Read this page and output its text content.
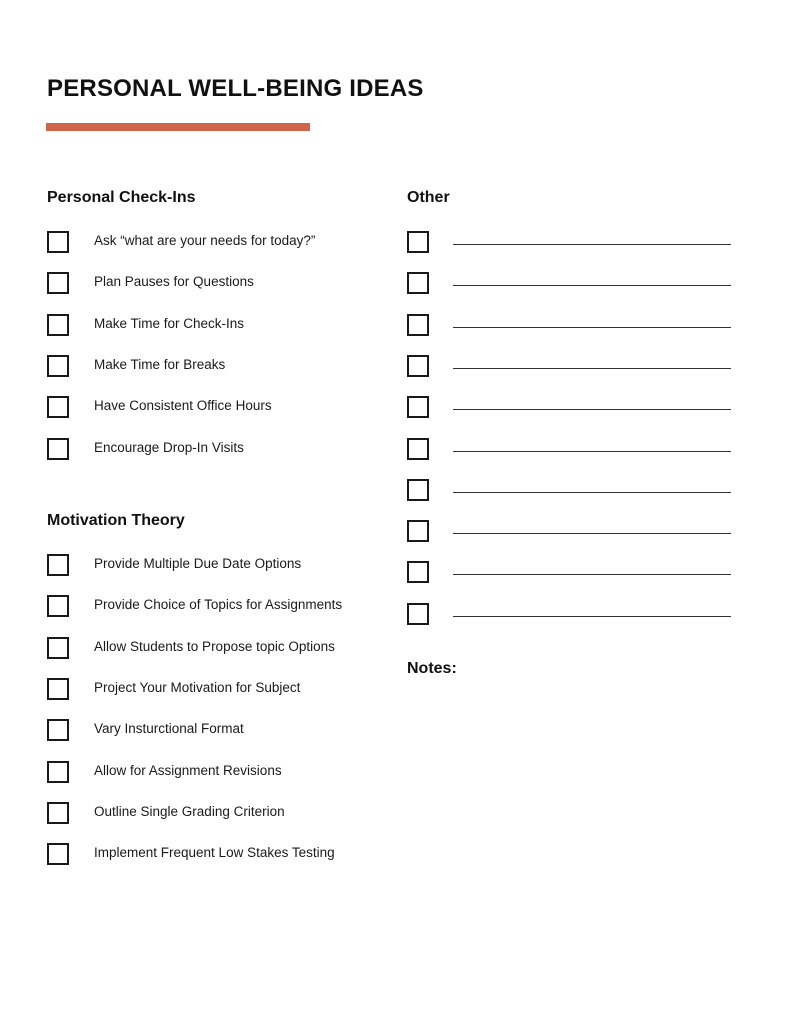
PERSONAL WELL-BEING IDEAS
Personal Check-Ins
Ask “what are your needs for today?”
Plan Pauses for Questions
Make Time for Check-Ins
Make Time for Breaks
Have Consistent Office Hours
Encourage Drop-In Visits
Motivation Theory
Provide Multiple Due Date Options
Provide Choice of Topics for Assignments
Allow Students to Propose topic Options
Project Your Motivation for Subject
Vary Insturctional Format
Allow for Assignment Revisions
Outline Single Grading Criterion
Implement Frequent Low Stakes Testing
Other
Notes:
